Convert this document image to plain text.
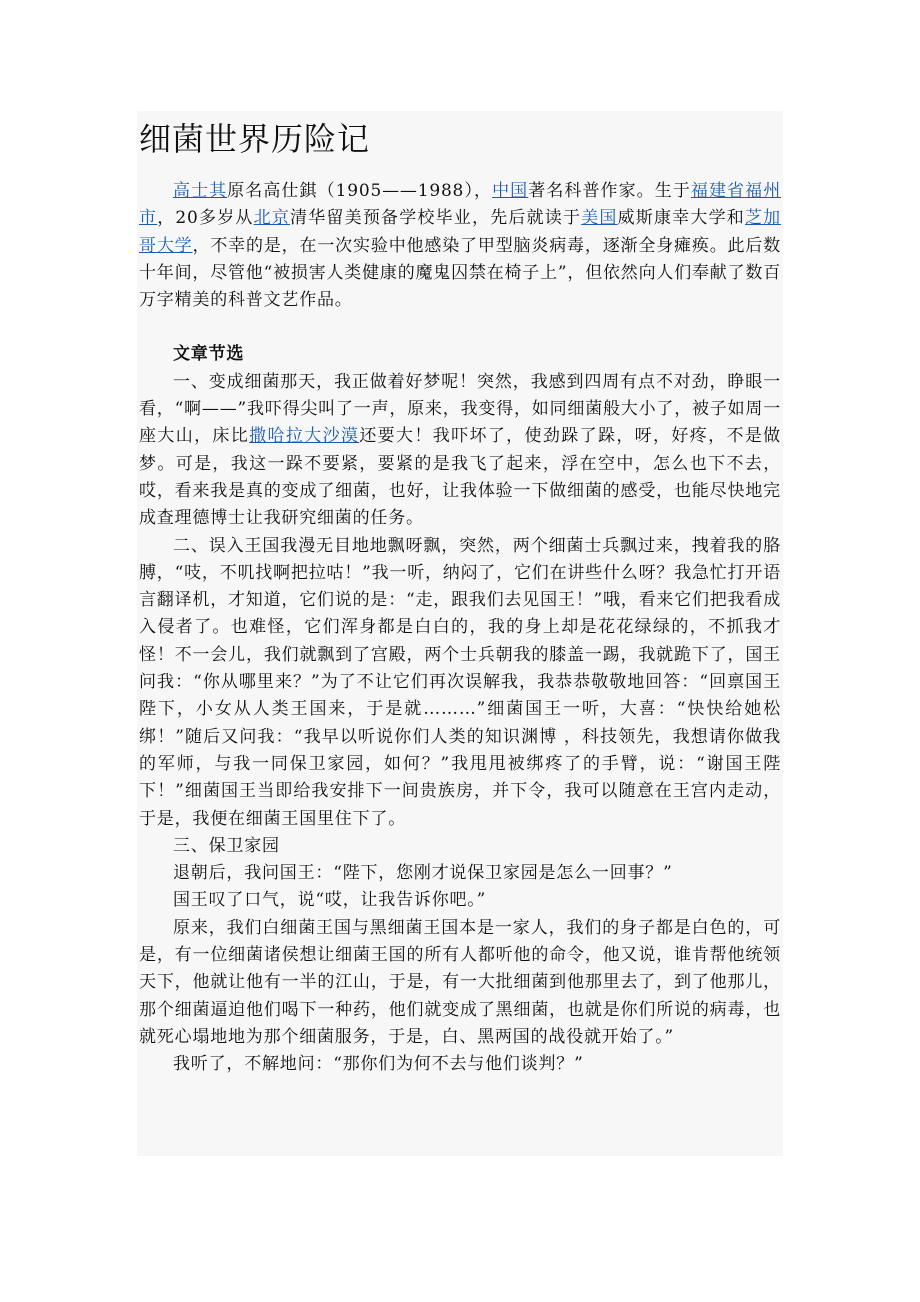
细菌世界历险记

高士其原名高仕錤（1905——1988），中国著名科普作家。生于福建省福州市，20多岁从北京清华留美预备学校毕业，先后就读于美国威斯康幸大学和芝加哥大学，不幸的是，在一次实验中他感染了甲型脑炎病毒，逐渐全身瘫痪。此后数十年间，尽管他“被损害人类健康的魔鬼囚禁在椅子上”，但依然向人们奉献了数百万字精美的科普文艺作品。

文章节选

一、变成细菌那天，我正做着好梦呢！突然，我感到四周有点不对劲，睁眼一看，“啊——”我吓得尖叫了一声，原来，我变得，如同细菌般大小了，被子如周一座大山，床比撒哈拉大沙漠还要大！我吓坏了，使劲跺了跺，呀，好疼，不是做梦。可是，我这一跺不要紧，要紧的是我飞了起来，浮在空中，怎么也下不去，哎，看来我是真的变成了细菌，也好，让我体验一下做细菌的感受，也能尽快地完成查理德博士让我研究细菌的任务。

二、误入王国我漫无目地地飘呀飘，突然，两个细菌士兵飘过来，拽着我的胳膊，“吱，不叽找啊把拉咕！”我一听，纳闷了，它们在讲些什么呀？我急忙打开语言翻译机，才知道，它们说的是：“走，跟我们去见国王！”哦，看来它们把我看成入侵者了。也难怪，它们浑身都是白白的，我的身上却是花花绿绿的，不抓我才怪！不一会儿，我们就飘到了宫殿，两个士兵朝我的膝盖一踢，我就跪下了，国王问我：“你从哪里来？”为了不让它们再次误解我，我恭恭敬敬地回答：“回禀国王陛下，小女从人类王国来，于是就………”细菌国王一听，大喜：“快快给她松绑！”随后又问我：“我早以听说你们人类的知识渊博 ，科技领先，我想请你做我的军师，与我一同保卫家园，如何？”我甩甩被绑疼了的手臂，说：“谢国王陛下！”细菌国王当即给我安排下一间贵族房，并下令，我可以随意在王宫内走动，于是，我便在细菌王国里住下了。

三、保卫家园

退朝后，我问国王：“陛下，您刚才说保卫家园是怎么一回事？”

国王叹了口气，说“哎，让我告诉你吧。”

原来，我们白细菌王国与黑细菌王国本是一家人，我们的身子都是白色的，可是，有一位细菌诸侯想让细菌王国的所有人都听他的命令，他又说，谁肯帮他统领天下，他就让他有一半的江山，于是，有一大批细菌到他那里去了，到了他那儿，那个细菌逼迫他们喝下一种药，他们就变成了黑细菌，也就是你们所说的病毒，也就死心塌地地为那个细菌服务，于是，白、黑两国的战役就开始了。”

我听了，不解地问：“那你们为何不去与他们谈判？”
